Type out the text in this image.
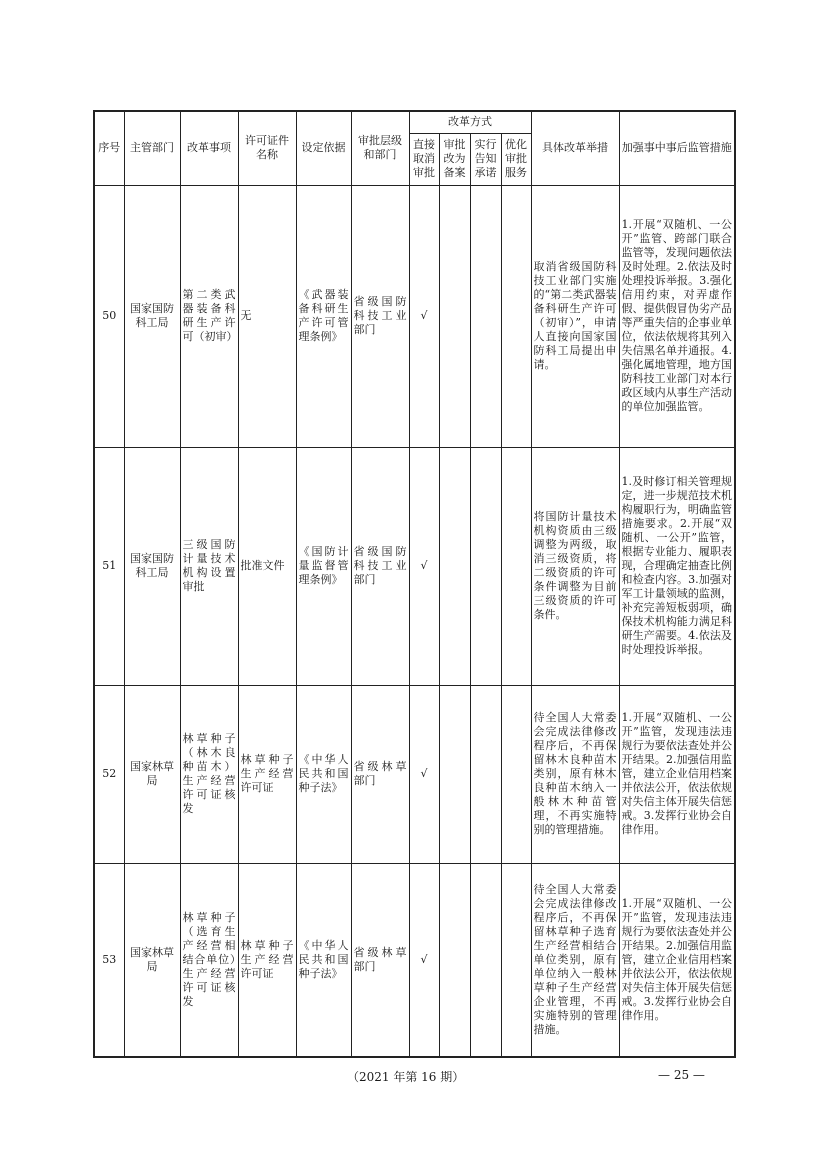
序号	主管部门	改革事项	许可证件名称	设定依据	审批层级和部门	改革方式				具体改革举措	加强事中事后监管措施
						直接取消审批	审批改为备案	实行告知承诺	优化审批服务		
50	国家国防科工局	第二类武器装备科研生产许可（初审）	无	《武器装备科研生产许可管理条例》	省级国防科技工业部门	√				取消省级国防科技工业部门实施的“第二类武器装备科研生产许可（初审）”，申请人直接向国家国防科工局提出申请。	1.开展“双随机、一公开”监管、跨部门联合监管等，发现问题依法及时处理。2.依法及时处理投诉举报。3.强化信用约束，对弄虚作假、提供假冒伪劣产品等严重失信的企事业单位，依法依规将其列入失信黑名单并通报。4.强化属地管理，地方国防科技工业部门对本行政区域内从事生产活动的单位加强监管。
51	国家国防科工局	三级国防计量技术机构设置审批	批准文件	《国防计量监督管理条例》	省级国防科技工业部门	√				将国防计量技术机构资质由三级调整为两级，取消三级资质，将二级资质的许可条件调整为目前三级资质的许可条件。	1.及时修订相关管理规定，进一步规范技术机构履职行为，明确监管措施要求。2.开展“双随机、一公开”监管，根据专业能力、履职表现，合理确定抽查比例和检查内容。3.加强对军工计量领域的监测，补充完善短板弱项，确保技术机构能力满足科研生产需要。4.依法及时处理投诉举报。
52	国家林草局	林草种子（林木良种苗木）生产经营许可证核发	林草种子生产经营许可证	《中华人民共和国种子法》	省级林草部门	√				待全国人大常委会完成法律修改程序后，不再保留林木良种苗木类别，原有林木良种苗木纳入一般林木种苗管理，不再实施特别的管理措施。	1.开展“双随机、一公开”监管，发现违法违规行为要依法查处并公开结果。2.加强信用监管，建立企业信用档案并依法公开，依法依规对失信主体开展失信惩戒。3.发挥行业协会自律作用。
53	国家林草局	林草种子（选育生产经营相结合单位）生产经营许可证核发	林草种子生产经营许可证	《中华人民共和国种子法》	省级林草部门	√				待全国人大常委会完成法律修改程序后，不再保留林草种子选育生产经营相结合单位类别，原有单位纳入一般林草种子生产经营企业管理，不再实施特别的管理措施。	1.开展“双随机、一公开”监管，发现违法违规行为要依法查处并公开结果。2.加强信用监管，建立企业信用档案并依法公开，依法依规对失信主体开展失信惩戒。3.发挥行业协会自律作用。
（2021 年第 16 期）	— 25 —
